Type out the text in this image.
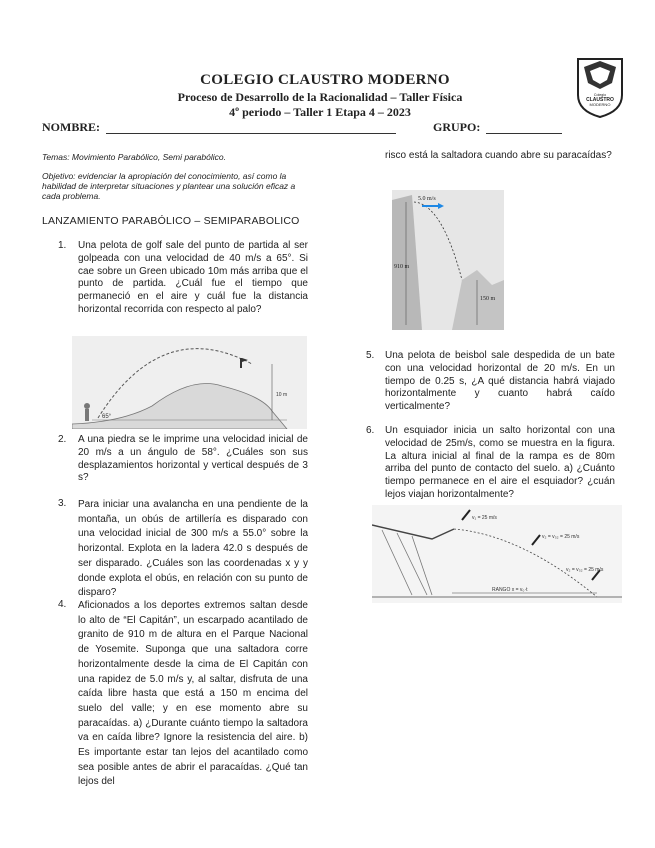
COLEGIO CLAUSTRO MODERNO
Proceso de Desarrollo de la Racionalidad – Taller Física
4º periodo – Taller 1 Etapa 4 – 2023
Colegio
CLAUSTRO
MODERNO
NOMBRE:	GRUPO:
Temas: Movimiento Parabólico, Semi parabólico.
Objetivo: evidenciar la apropiación del conocimiento, así como la habilidad de interpretar situaciones y plantear una solución eficaz a cada problema.
LANZAMIENTO PARABÓLICO – SEMIPARABOLICO
1. Una pelota de golf sale del punto de partida al ser golpeada con una velocidad de 40 m/s a 65°. Si cae sobre un Green ubicado 10m más arriba que el punto de partida. ¿Cuál fue el tiempo que permaneció en el aire y cuál fue la distancia horizontal recorrida con respecto al palo?
65°
10 m
2. A una piedra se le imprime una velocidad inicial de 20 m/s a un ángulo de 58°. ¿Cuáles son sus desplazamientos horizontal y vertical después de 3 s?
3. Para iniciar una avalancha en una pendiente de la montaña, un obús de artillería es disparado con una velocidad inicial de 300 m/s a 55.0° sobre la horizontal. Explota en la ladera 42.0 s después de ser disparado. ¿Cuáles son las coordenadas x y y donde explota el obús, en relación con su punto de disparo?
4. Aficionados a los deportes extremos saltan desde lo alto de “El Capitán”, un escarpado acantilado de granito de 910 m de altura en el Parque Nacional de Yosemite. Suponga que una saltadora corre horizontalmente desde la cima de El Capitán con una rapidez de 5.0 m/s y, al saltar, disfruta de una caída libre hasta que está a 150 m encima del suelo del valle; y en ese momento abre su paracaídas. a) ¿Durante cuánto tiempo la saltadora va en caída libre? Ignore la resistencia del aire. b) Es importante estar tan lejos del acantilado como sea posible antes de abrir el paracaídas. ¿Qué tan lejos del
risco está la saltadora cuando abre su paracaídas?
5.0 m/s
910 m
150 m
5. Una pelota de beisbol sale despedida de un bate con una velocidad horizontal de 20 m/s. En un tiempo de 0.25 s, ¿A qué distancia habrá viajado horizontalmente y cuanto habrá caído verticalmente?
6. Un esquiador inicia un salto horizontal con una velocidad de 25m/s, como se muestra en la figura. La altura inicial al final de la rampa es de 80m arriba del punto de contacto del suelo. a) ¿Cuánto tiempo permanece en el aire el esquiador? ¿cuán lejos viajan horizontalmente?
v₁ = 25 m/s
v₂ = v₃₂ = 25 m/s
v₂ = v₃₂ = 25 m/s
RANGO x = v₀·t
